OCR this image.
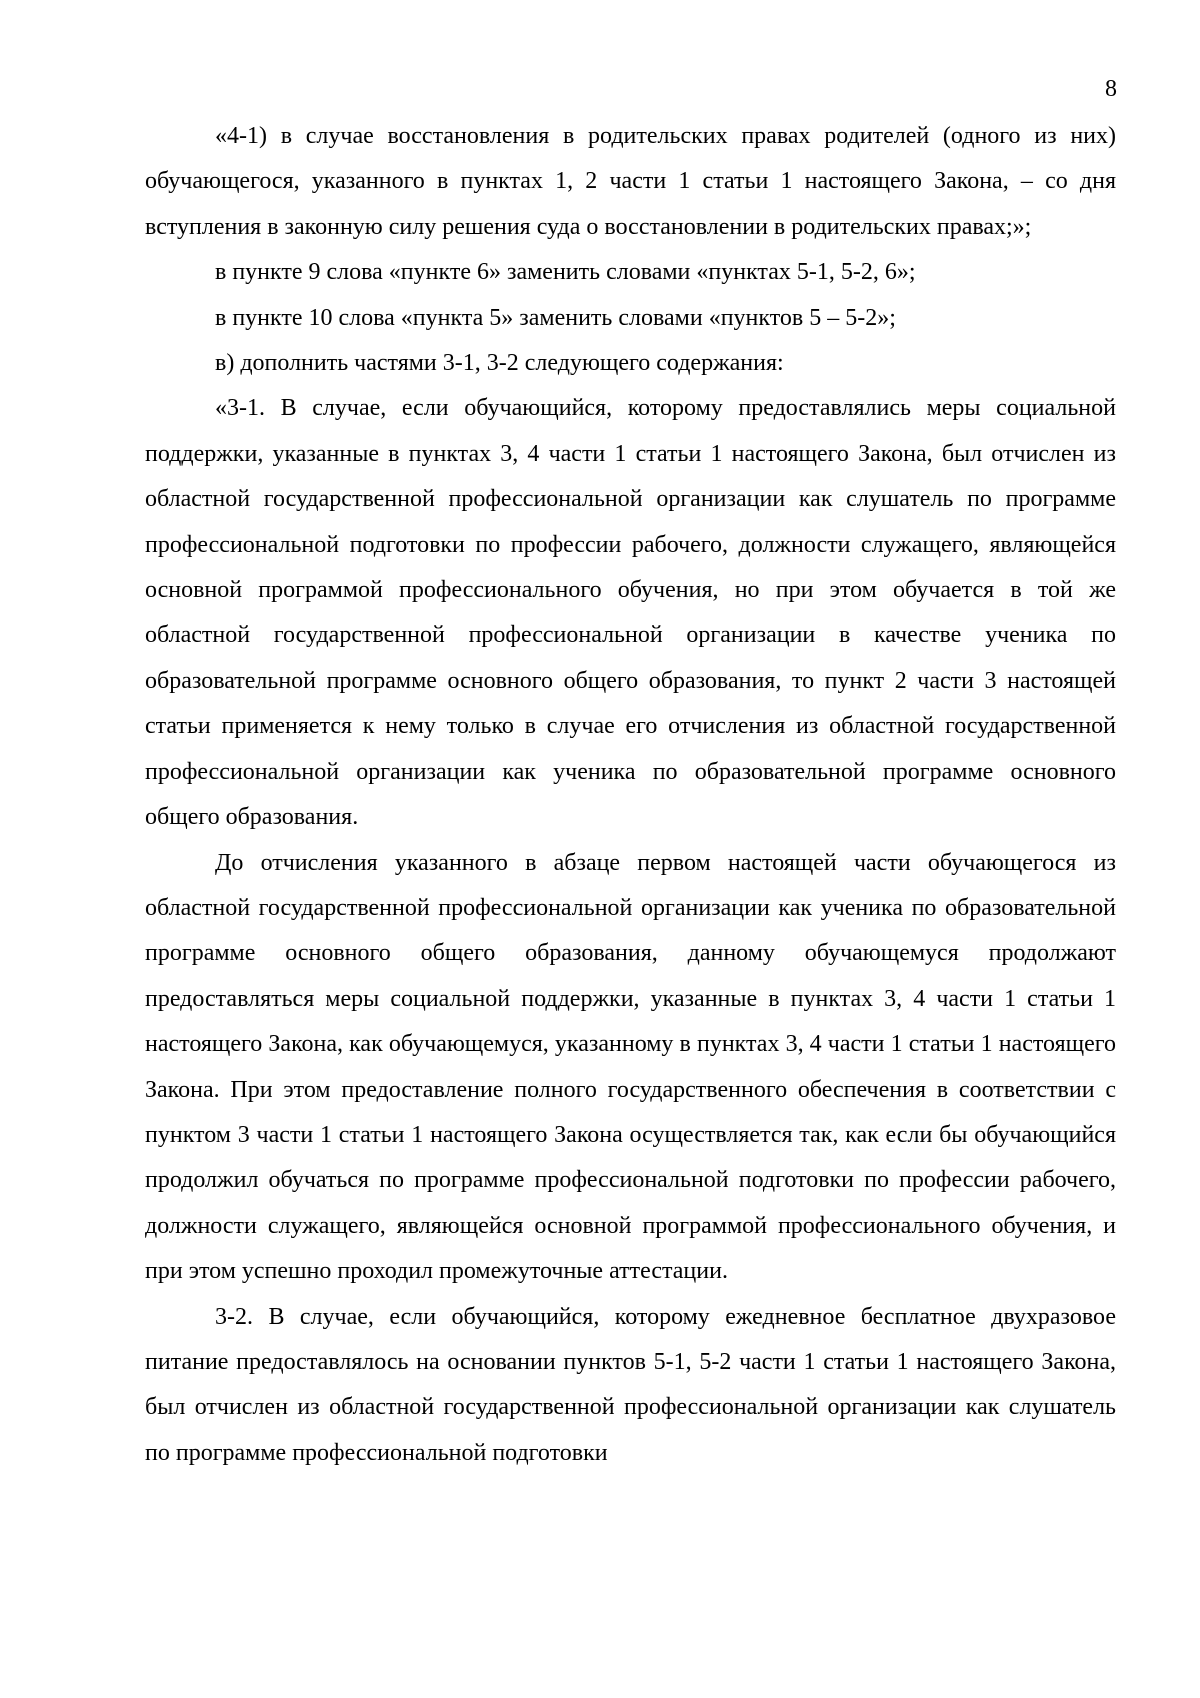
8

«4-1) в случае восстановления в родительских правах родителей (одного из них) обучающегося, указанного в пунктах 1, 2 части 1 статьи 1 настоящего Закона, – со дня вступления в законную силу решения суда о восстановлении в родительских правах;»;

в пункте 9 слова «пункте 6» заменить словами «пунктах 5-1, 5-2, 6»;

в пункте 10 слова «пункта 5» заменить словами «пунктов 5 – 5-2»;

в) дополнить частями 3-1, 3-2 следующего содержания:

«3-1. В случае, если обучающийся, которому предоставлялись меры социальной поддержки, указанные в пунктах 3, 4 части 1 статьи 1 настоящего Закона, был отчислен из областной государственной профессиональной организации как слушатель по программе профессиональной подготовки по профессии рабочего, должности служащего, являющейся основной программой профессионального обучения, но при этом обучается в той же областной государственной профессиональной организации в качестве ученика по образовательной программе основного общего образования, то пункт 2 части 3 настоящей статьи применяется к нему только в случае его отчисления из областной государственной профессиональной организации как ученика по образовательной программе основного общего образования.

До отчисления указанного в абзаце первом настоящей части обучающегося из областной государственной профессиональной организации как ученика по образовательной программе основного общего образования, данному обучающемуся продолжают предоставляться меры социальной поддержки, указанные в пунктах 3, 4 части 1 статьи 1 настоящего Закона, как обучающемуся, указанному в пунктах 3, 4 части 1 статьи 1 настоящего Закона. При этом предоставление полного государственного обеспечения в соответствии с пунктом 3 части 1 статьи 1 настоящего Закона осуществляется так, как если бы обучающийся продолжил обучаться по программе профессиональной подготовки по профессии рабочего, должности служащего, являющейся основной программой профессионального обучения, и при этом успешно проходил промежуточные аттестации.

3-2. В случае, если обучающийся, которому ежедневное бесплатное двухразовое питание предоставлялось на основании пунктов 5-1, 5-2 части 1 статьи 1 настоящего Закона, был отчислен из областной государственной профессиональной организации как слушатель по программе профессиональной подготовки
